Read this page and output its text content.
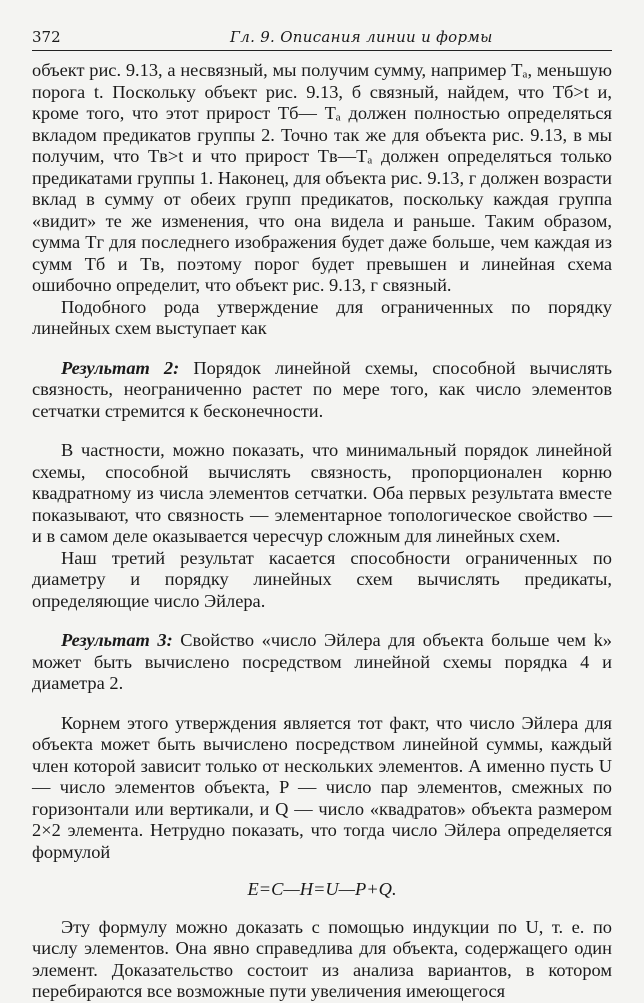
372	Гл. 9. Описания линии и формы

объект рис. 9.13, a несвязный, мы получим сумму, например Tₐ, меньшую порога t. Поскольку объект рис. 9.13, б связный, найдем, что Tб>t и, кроме того, что этот прирост Tб— Tₐ должен полностью определяться вкладом предикатов группы 2. Точно так же для объекта рис. 9.13, в мы получим, что Tв>t и что прирост Tв—Tₐ должен определяться только предикатами группы 1. Наконец, для объекта рис. 9.13, г должен возрасти вклад в сумму от обеих групп предикатов, поскольку каждая группа «видит» те же изменения, что она видела и раньше. Таким образом, сумма Tг для последнего изображения будет даже больше, чем каждая из сумм Tб и Tв, поэтому порог будет превышен и линейная схема ошибочно определит, что объект рис. 9.13, г связный.

Подобного рода утверждение для ограниченных по порядку линейных схем выступает как

Результат 2: Порядок линейной схемы, способной вычислять связность, неограниченно растет по мере того, как число элементов сетчатки стремится к бесконечности.

В частности, можно показать, что минимальный порядок линейной схемы, способной вычислять связность, пропорционален корню квадратному из числа элементов сетчатки. Оба первых результата вместе показывают, что связность — элементарное топологическое свойство — и в самом деле оказывается чересчур сложным для линейных схем.

Наш третий результат касается способности ограниченных по диаметру и порядку линейных схем вычислять предикаты, определяющие число Эйлера.

Результат 3: Свойство «число Эйлера для объекта больше чем k» может быть вычислено посредством линейной схемы порядка 4 и диаметра 2.

Корнем этого утверждения является тот факт, что число Эйлера для объекта может быть вычислено посредством линейной суммы, каждый член которой зависит только от нескольких элементов. А именно пусть U — число элементов объекта, P — число пар элементов, смежных по горизонтали или вертикали, и Q — число «квадратов» объекта размером 2×2 элемента. Нетрудно показать, что тогда число Эйлера определяется формулой

E=C—H=U—P+Q.

Эту формулу можно доказать с помощью индукции по U, т. е. по числу элементов. Она явно справедлива для объекта, содержащего один элемент. Доказательство состоит из анализа вариантов, в котором перебираются все возможные пути увеличения имеющегося
